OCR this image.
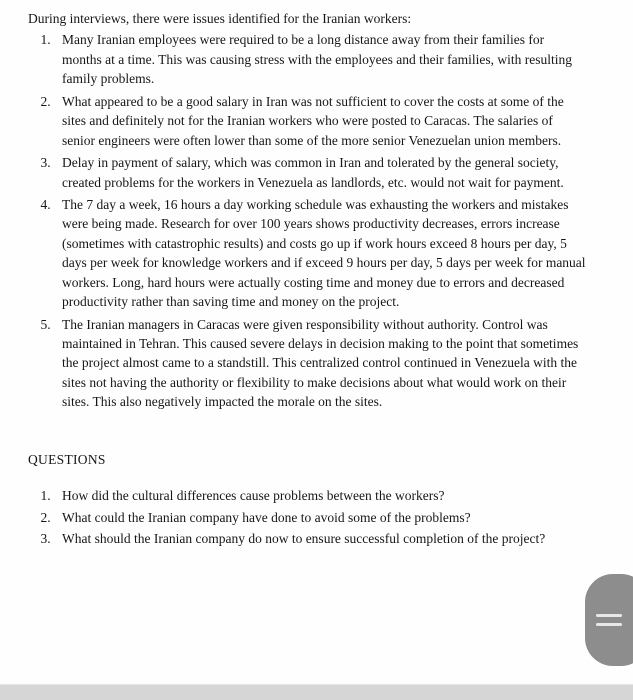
During interviews, there were issues identified for the Iranian workers:

1. Many Iranian employees were required to be a long distance away from their families for months at a time. This was causing stress with the employees and their families, with resulting family problems.
2. What appeared to be a good salary in Iran was not sufficient to cover the costs at some of the sites and definitely not for the Iranian workers who were posted to Caracas. The salaries of senior engineers were often lower than some of the more senior Venezuelan union members.
3. Delay in payment of salary, which was common in Iran and tolerated by the general society, created problems for the workers in Venezuela as landlords, etc. would not wait for payment.
4. The 7 day a week, 16 hours a day working schedule was exhausting the workers and mistakes were being made. Research for over 100 years shows productivity decreases, errors increase (sometimes with catastrophic results) and costs go up if work hours exceed 8 hours per day, 5 days per week for knowledge workers and if exceed 9 hours per day, 5 days per week for manual workers. Long, hard hours were actually costing time and money due to errors and decreased productivity rather than saving time and money on the project.
5. The Iranian managers in Caracas were given responsibility without authority. Control was maintained in Tehran. This caused severe delays in decision making to the point that sometimes the project almost came to a standstill. This centralized control continued in Venezuela with the sites not having the authority or flexibility to make decisions about what would work on their sites. This also negatively impacted the morale on the sites.
QUESTIONS
1. How did the cultural differences cause problems between the workers?
2. What could the Iranian company have done to avoid some of the problems?
3. What should the Iranian company do now to ensure successful completion of the project?
